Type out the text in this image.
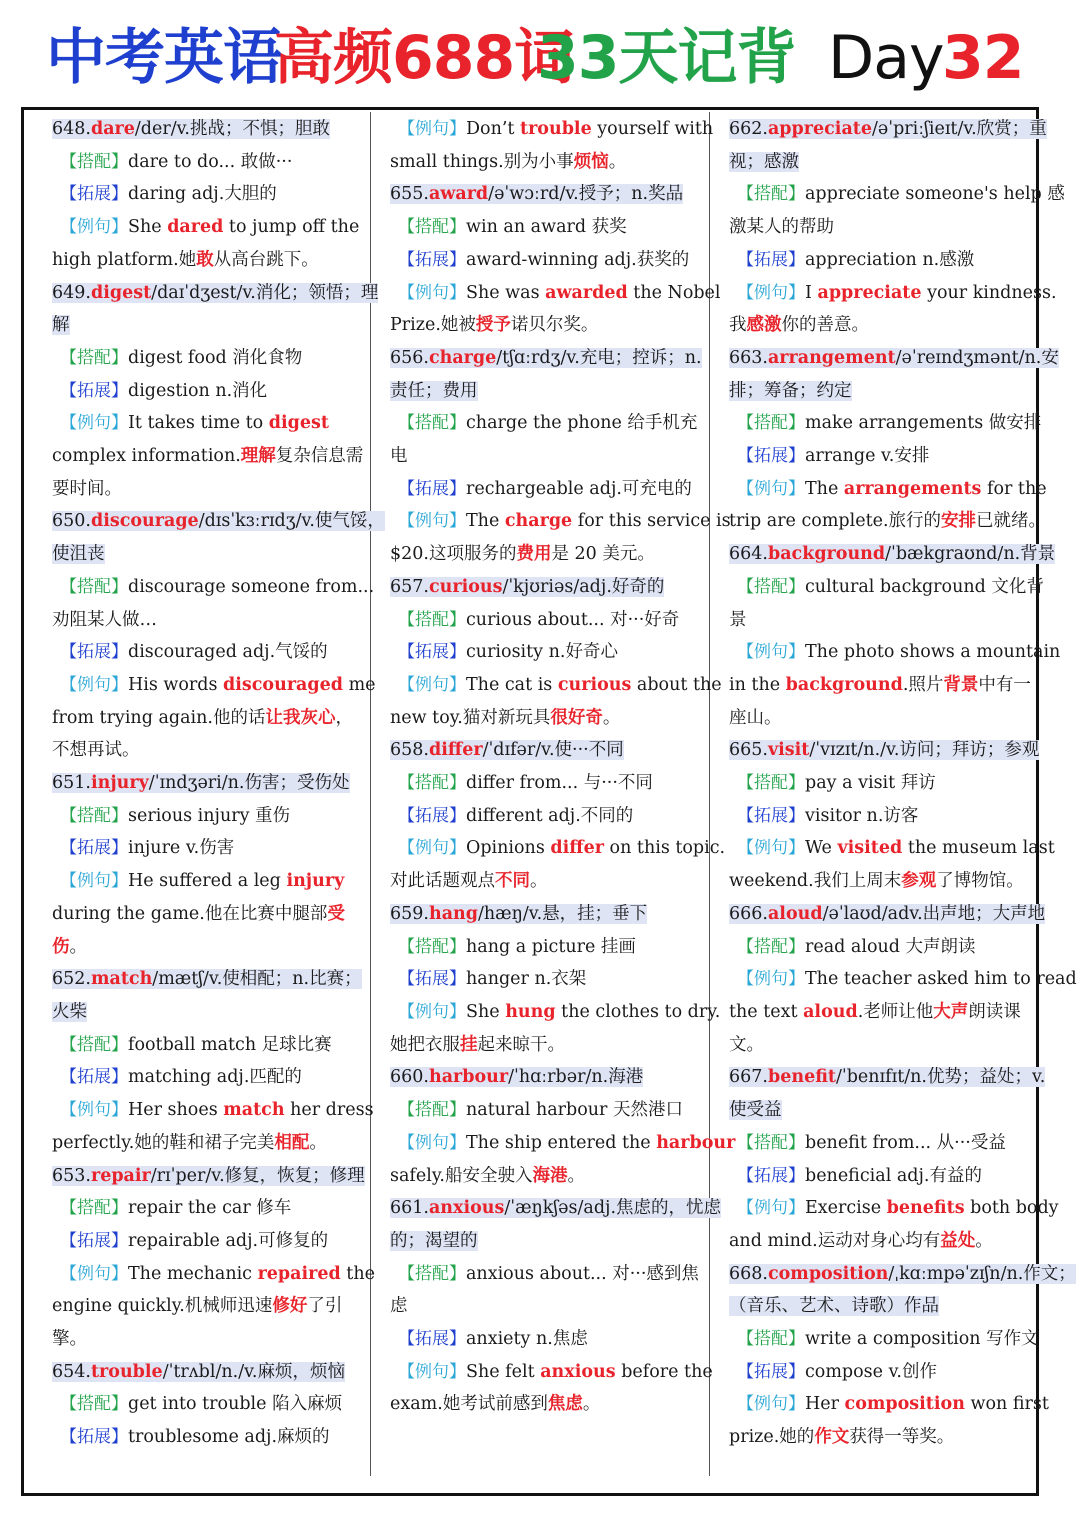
中考英语
高频688词
33天记背 Day
32

648.dare/der/v.挑战；不惧；胆敢

【搭配】dare to do... 敢做···

【拓展】daring adj.大胆的

【例句】She dared to jump off the

high platform.她敢从高台跳下。

649.digest/daɪˈdʒest/v.消化；领悟；理

解

【搭配】digest food 消化食物

【拓展】digestion n.消化

【例句】It takes time to digest

complex information.理解复杂信息需

要时间。

650.discourage/dɪsˈkɜːrɪdʒ/v.使气馁，

使沮丧

【搭配】discourage someone from...

劝阻某人做…

【拓展】discouraged adj.气馁的

【例句】His words discouraged me

from trying again.他的话让我灰心，

不想再试。

651.injury/ˈɪndʒəri/n.伤害；受伤处

【搭配】serious injury 重伤

【拓展】injure v.伤害

【例句】He suffered a leg injury

during the game.他在比赛中腿部受

伤。

652.match/mætʃ/v.使相配；n.比赛；

火柴

【搭配】football match 足球比赛

【拓展】matching adj.匹配的

【例句】Her shoes match her dress

perfectly.她的鞋和裙子完美相配。

653.repair/rɪˈper/v.修复，恢复；修理

【搭配】repair the car 修车

【拓展】repairable adj.可修复的

【例句】The mechanic repaired the

engine quickly.机械师迅速修好了引

擎。

654.trouble/ˈtrʌbl/n./v.麻烦，烦恼

【搭配】get into trouble 陷入麻烦

【拓展】troublesome adj.麻烦的

【例句】Don’t trouble yourself with

small things.别为小事烦恼。

655.award/əˈwɔːrd/v.授予；n.奖品

【搭配】win an award 获奖

【拓展】award-winning adj.获奖的

【例句】She was awarded the Nobel

Prize.她被授予诺贝尔奖。

656.charge/tʃɑːrdʒ/v.充电；控诉；n.

责任；费用

【搭配】charge the phone 给手机充

电

【拓展】rechargeable adj.可充电的

【例句】The charge for this service is

$20.这项服务的费用是 20 美元。

657.curious/ˈkjʊriəs/adj.好奇的

【搭配】curious about... 对···好奇

【拓展】curiosity n.好奇心

【例句】The cat is curious about the

new toy.猫对新玩具很好奇。

658.differ/ˈdɪfər/v.使···不同

【搭配】differ from... 与···不同

【拓展】different adj.不同的

【例句】Opinions differ on this topic.

对此话题观点不同。

659.hang/hæŋ/v.悬，挂；垂下

【搭配】hang a picture 挂画

【拓展】hanger n.衣架

【例句】She hung the clothes to dry.

她把衣服挂起来晾干。

660.harbour/ˈhɑːrbər/n.海港

【搭配】natural harbour 天然港口

【例句】The ship entered the harbour

safely.船安全驶入海港。

661.anxious/ˈæŋkʃəs/adj.焦虑的，忧虑

的；渴望的

【搭配】anxious about... 对···感到焦

虑

【拓展】anxiety n.焦虑

【例句】She felt anxious before the

exam.她考试前感到焦虑。

662.appreciate/əˈpriːʃieɪt/v.欣赏；重

视；感激

【搭配】appreciate someone's help 感

激某人的帮助

【拓展】appreciation n.感激

【例句】I appreciate your kindness.

我感激你的善意。

663.arrangement/əˈreɪndʒmənt/n.安

排；筹备；约定

【搭配】make arrangements 做安排

【拓展】arrange v.安排

【例句】The arrangements for the

trip are complete.旅行的安排已就绪。

664.background/ˈbækgraʊnd/n.背景

【搭配】cultural background 文化背

景

【例句】The photo shows a mountain

in the background.照片背景中有一

座山。

665.visit/ˈvɪzɪt/n./v.访问；拜访；参观

【搭配】pay a visit 拜访

【拓展】visitor n.访客

【例句】We visited the museum last

weekend.我们上周末参观了博物馆。

666.aloud/əˈlaʊd/adv.出声地；大声地

【搭配】read aloud 大声朗读

【例句】The teacher asked him to read

the text aloud.老师让他大声朗读课

文。

667.benefit/ˈbenɪfɪt/n.优势；益处；v.

使受益

【搭配】benefit from... 从···受益

【拓展】beneficial adj.有益的

【例句】Exercise benefits both body

and mind.运动对身心均有益处。

668.composition/ˌkɑːmpəˈzɪʃn/n.作文；

（音乐、艺术、诗歌）作品

【搭配】write a composition 写作文

【拓展】compose v.创作

【例句】Her composition won first

prize.她的作文获得一等奖。
